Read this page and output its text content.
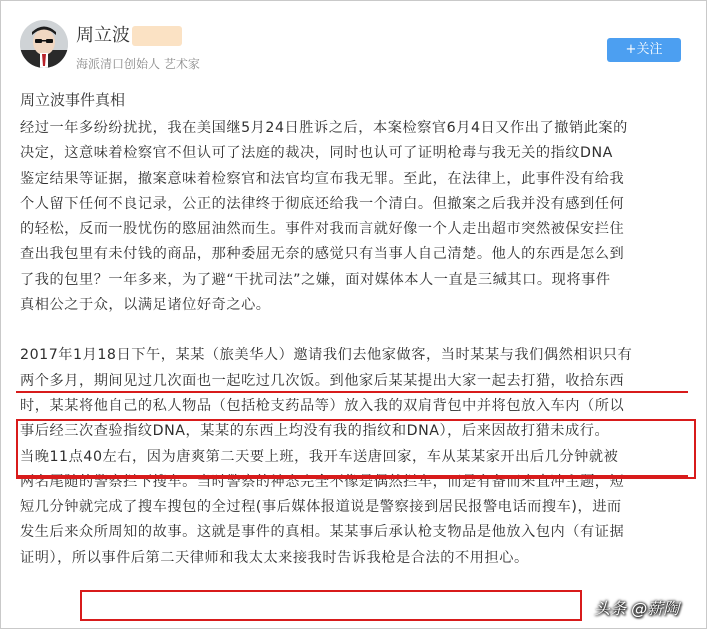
周立波
海派清口创始人 艺术家
+关注
周立波事件真相
经过一年多纷纷扰扰，我在美国继5月24日胜诉之后，本案检察官6月4日又作出了撤销此案的
决定，这意味着检察官不但认可了法庭的裁决，同时也认可了证明枪毒与我无关的指纹DNA
鉴定结果等证据，撤案意味着检察官和法官均宣布我无罪。至此，在法律上，此事件没有给我
个人留下任何不良记录，公正的法律终于彻底还给我一个清白。但撤案之后我并没有感到任何
的轻松，反而一股忧伤的愍屈油然而生。事件对我而言就好像一个人走出超市突然被保安拦住
查出我包里有未付钱的商品，那种委屈无奈的感觉只有当事人自己清楚。他人的东西是怎么到
了我的包里？一年多来，为了避“干扰司法”之嫌，面对媒体本人一直是三缄其口。现将事件
真相公之于众，以满足诸位好奇之心。
2017年1月18日下午，某某（旅美华人）邀请我们去他家做客，当时某某与我们偶然相识只有
两个多月，期间见过几次面也一起吃过几次饭。到他家后某某提出大家一起去打猎，收拾东西
时，某某将他自己的私人物品（包括枪支药品等）放入我的双肩背包中并将包放入车内（所以
事后经三次查验指纹DNA，某某的东西上均没有我的指纹和DNA），后来因故打猎未成行。
当晚11点40左右，因为唐爽第二天要上班，我开车送唐回家，车从某某家开出后几分钟就被
两名尾随的警察拦下搜车。当时警察的神态完全不像是偶然拦车，而是有备而来直冲主题，短
短几分钟就完成了搜车搜包的全过程(事后媒体报道说是警察接到居民报警电话而搜车)，进而
发生后来众所周知的故事。这就是事件的真相。某某事后承认枪支物品是他放入包内（有证据
证明），所以事件后第二天律师和我太太来接我时告诉我枪是合法的不用担心。
头条 @薪陶
